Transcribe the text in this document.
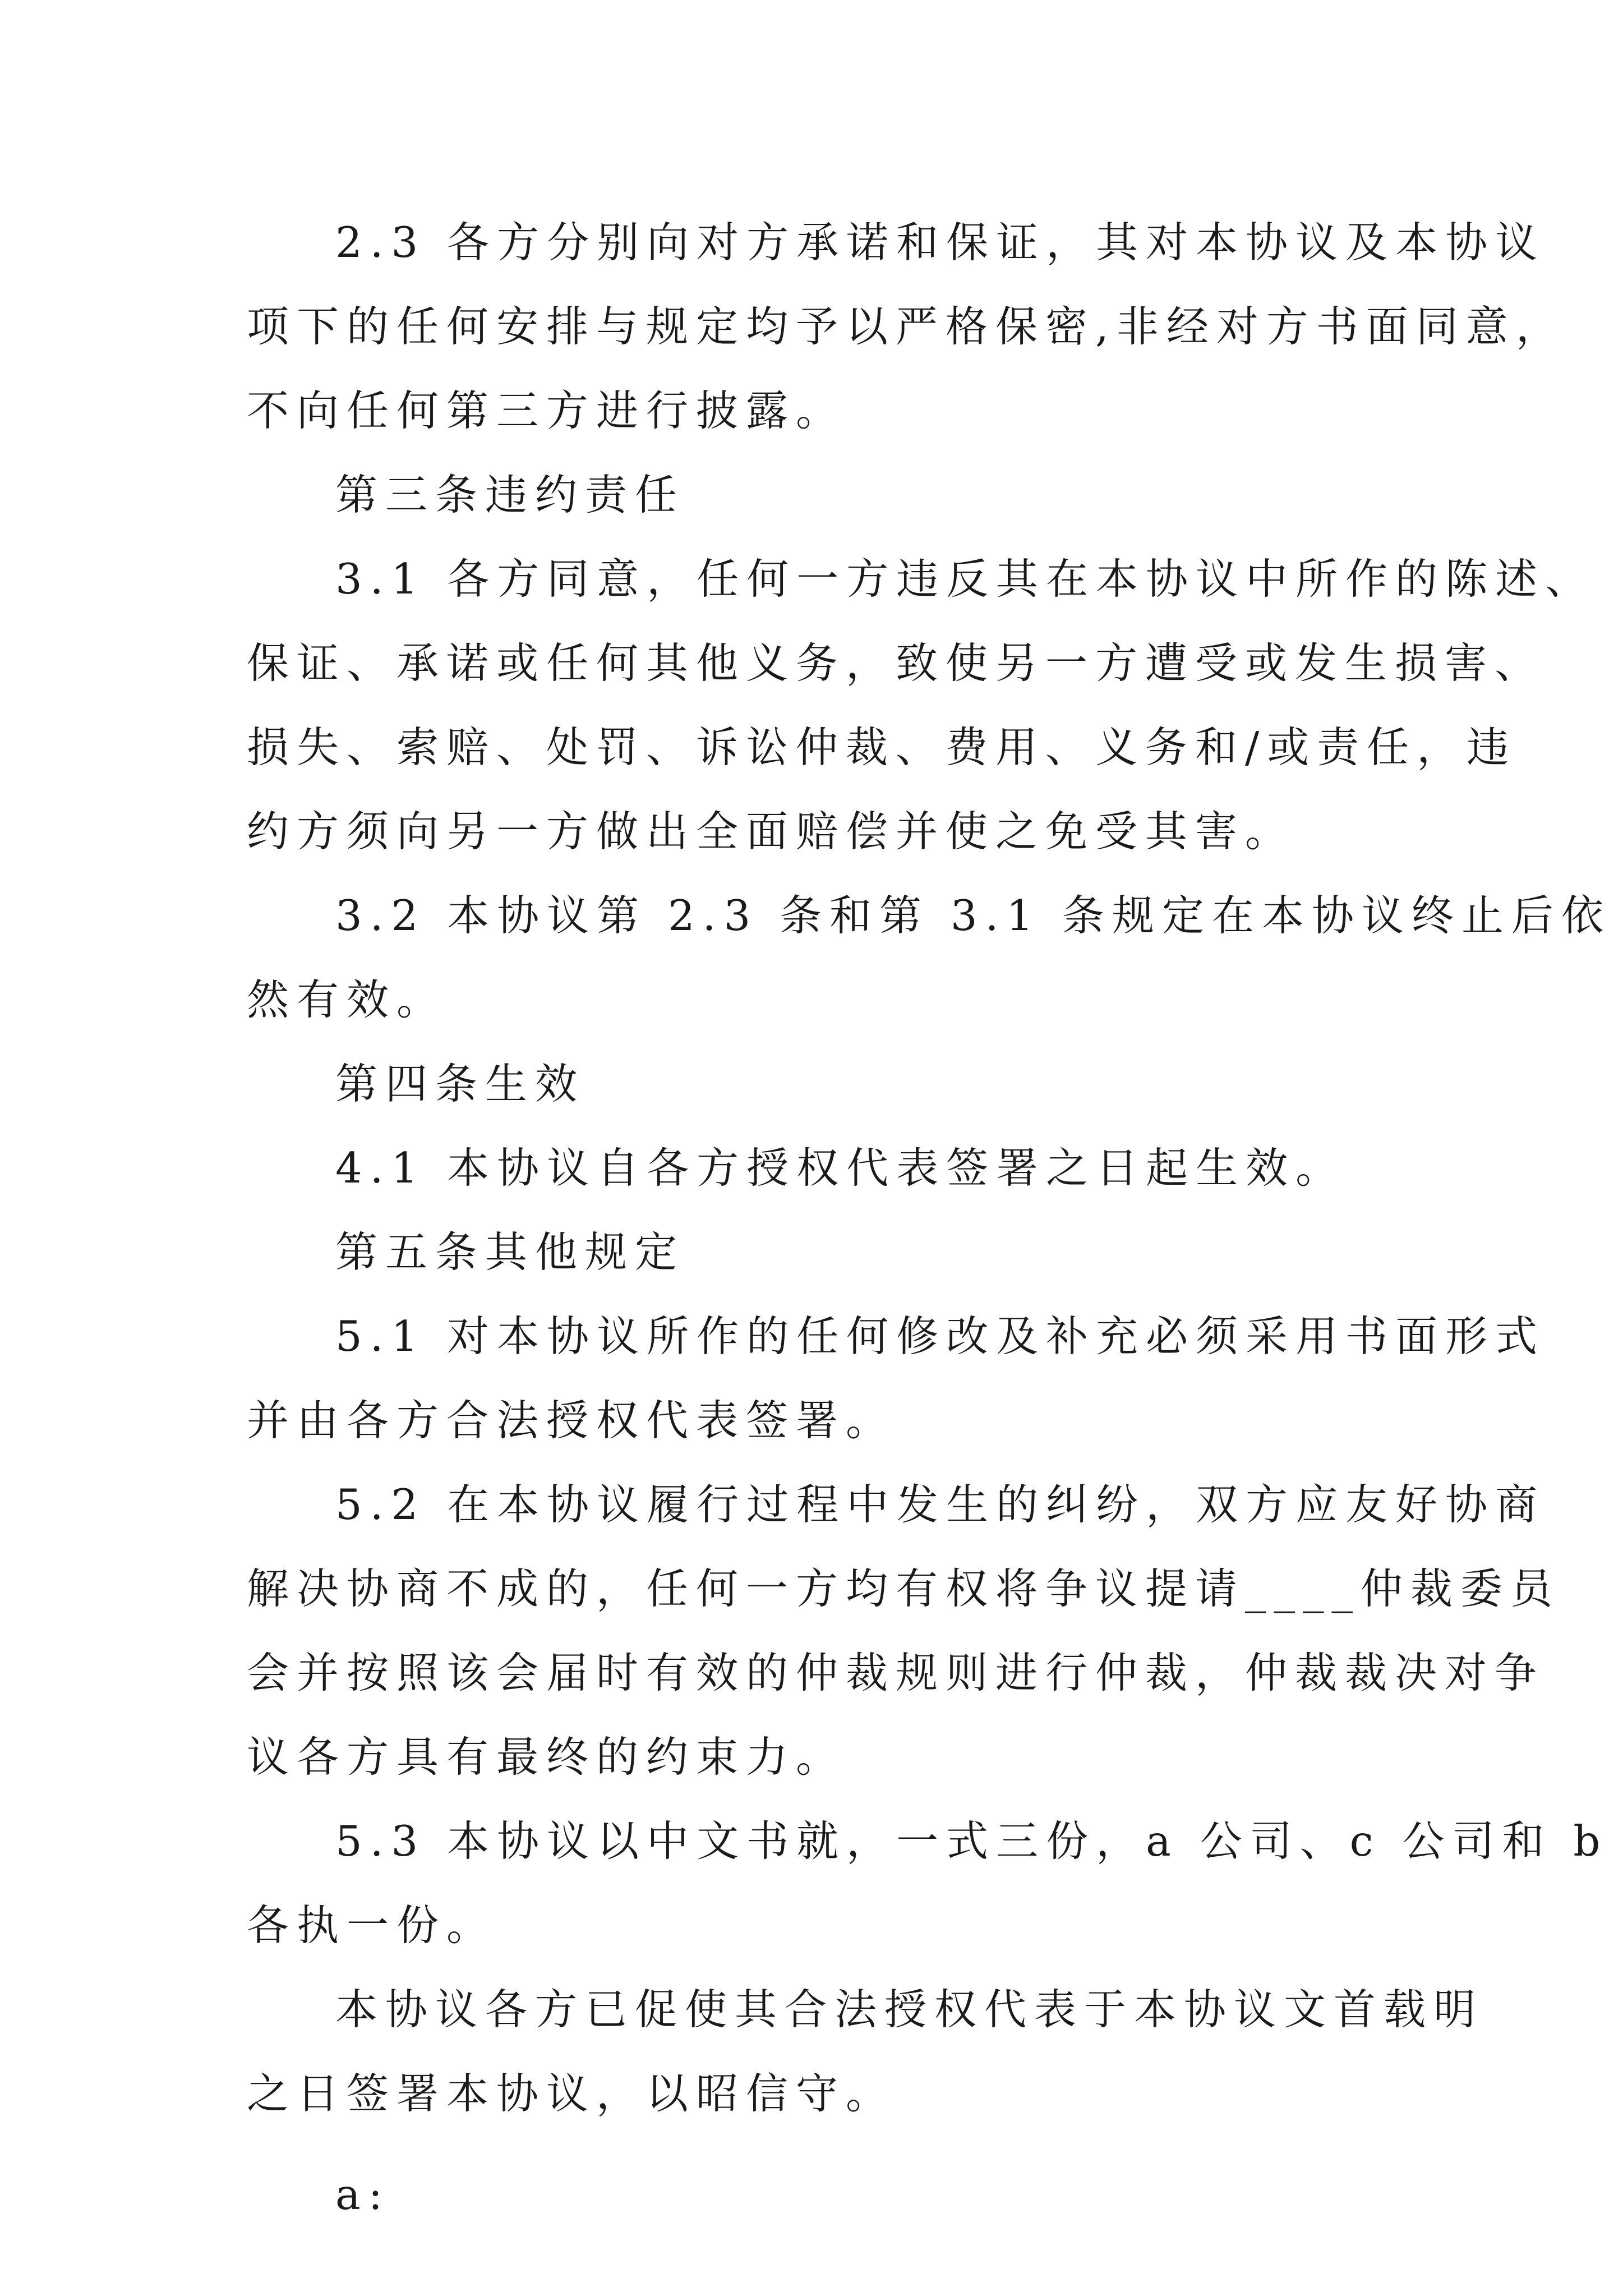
2.3 各方分别向对方承诺和保证，其对本协议及本协议

项下的任何安排与规定均予以严格保密,非经对方书面同意，

不向任何第三方进行披露。

第三条违约责任

3.1 各方同意，任何一方违反其在本协议中所作的陈述、

保证、承诺或任何其他义务，致使另一方遭受或发生损害、

损失、索赔、处罚、诉讼仲裁、费用、义务和/或责任，违

约方须向另一方做出全面赔偿并使之免受其害。

3.2 本协议第 2.3 条和第 3.1 条规定在本协议终止后依

然有效。

第四条生效

4.1 本协议自各方授权代表签署之日起生效。

第五条其他规定

5.1 对本协议所作的任何修改及补充必须采用书面形式

并由各方合法授权代表签署。

5.2 在本协议履行过程中发生的纠纷，双方应友好协商

解决协商不成的，任何一方均有权将争议提请____仲裁委员

会并按照该会届时有效的仲裁规则进行仲裁，仲裁裁决对争

议各方具有最终的约束力。

5.3 本协议以中文书就，一式三份，a 公司、c 公司和 b

各执一份。

本协议各方已促使其合法授权代表于本协议文首载明

之日签署本协议，以昭信守。

a:
